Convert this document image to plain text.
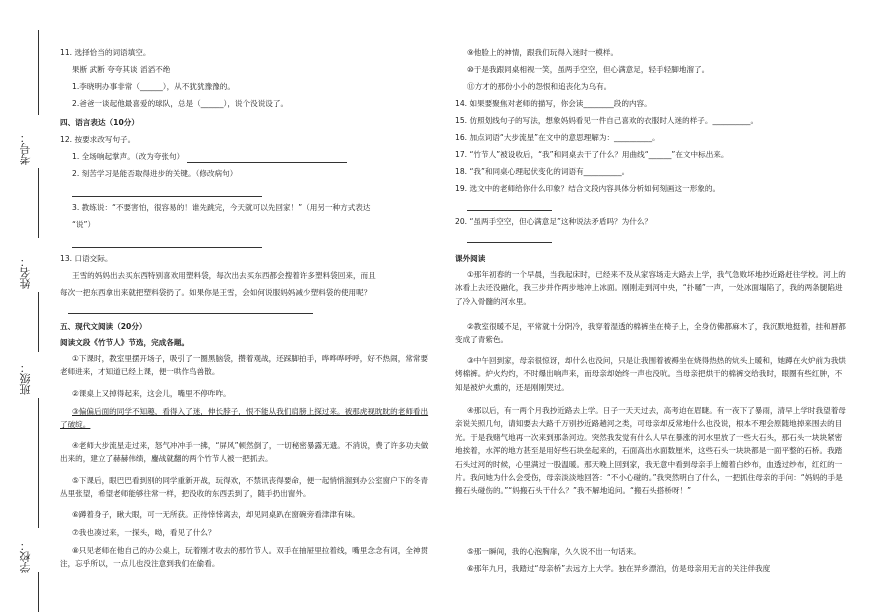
考号：
姓名：
班级：
学校：
11. 选择恰当的词语填空。
果断 武断 夸夸其谈 滔滔不绝
1.李晓明办事非常（______），从不犹犹豫豫的。
2.爸爸一谈起他最喜爱的球队，总是（______），说个没说设了。
四、语言表达（10分）
12. 按要求改写句子。
1. 全场响起掌声。（改为夸张句）
2. 刻苦学习是能否取得进步的关键。（修改病句）
3. 教练说：“不要害怕，很容易的！谁先跳完，今天就可以先回家！”（用另一种方式表达
“说”）
13. 口语交际。
王雪的妈妈出去买东西特别喜欢用塑料袋，每次出去买东西都会搜着许多塑料袋回来，而且
每次一把东西拿出来就把塑料袋扔了。如果你是王雪，会如何说服妈妈减少塑料袋的使用呢？
五、现代文阅读（20分）
阅读文段《竹节人》节选，完成各题。
①下课时，教室里摆开场子，吸引了一圈黑脑袋，攒着观战，还踩脚拍手，哗哗哗呼呼，好不热闹，常常要老师进来，才知道已经上课，便一哄作鸟兽散。
②课桌上又掉得起来，这会儿，嘴里不停咋咋。
③偏偏后面的同学不知趣，看得入了迷，伸长脖子，恨不能从我们肩膀上探过来。被那虎视眈眈的老师看出了破绽。
④老师大步流星走过来，怒气冲冲手一拂，“屏风”顿然倒了，一切秘密暴露无遗。不消说，费了许多功夫做出来的，建立了赫赫伟绩，鏖战就翻的两个竹节人被一把抓去。
⑤下课后，眼巴巴看到别的同学重新开战，玩得欢，不禁讯丧得要命，便一起悄悄溜到办公室窗户下的冬青丛里张望，希望老师能够往常一样，把没收的东西丢到了，随手扔出窗外。
⑥蹲着身子，瞅大眼，可一无所获。正待悻悻离去，却见同桌趴在窗碗旁看津津有味。
⑦我也凑过来，一探头，呦，看见了什么？
⑧只见老师在他自己的办公桌上，玩着刚才收去的那竹节人。双手在抽屉里拉着线，嘴里念念有词，全神贯注，忘乎所以，一点儿也没注意到我们在偷看。
⑨他脸上的神情，跟我们玩得入迷时一模样。
⑩于是我跟同桌相视一笑，虽两手空空，但心满意足，轻手轻脚地溜了。
⑪方才的那份小小的怨恨和追丧化为乌有。
14. 如果要聚焦对老师的描写，你会读________段的内容。
15. 仿照划线句子的写法，想象妈妈看见一件自己喜欢的衣服时人迷的样子。__________。
16. 加点词语“大步流星”在文中的意思理解为：__________。
17. “竹节人”被设收后，“我”和同桌去干了什么？用曲线“______”在文中标出来。
18. “我”和同桌心理起伏变化的词语有__________。
19. 选文中的老师给你什么印象？结合文段内容具体分析如何刻画这一形象的。
20. “虽两手空空，但心满意足”这种说法矛盾吗？为什么？
课外阅读
①那年初春的一个早晨，当我起床时，已经来不及从家容场走大路去上学，我气急败坏地抄近路赶往学校。河上的冰看上去还没融化，我三步并作两步地冲上冰面。刚刚走到河中央，“扑嗵”一声，一处冰面塌陷了，我的两条腿陷进了冷入骨髓的河水里。
②教室很暖不足，平常就十分阴冷，我穿着湿透的棉裤坐在椅子上，全身仿佛都麻木了，我沉默地挺着，挂和唇都变成了青紫色。
③中午回到家，母亲很惊讶，却什么也没问，只是让我围着被褥坐在烧得热热的炕头上暖和，她蹲在火炉前为我烘烤棉裤。炉火灼灼，不时爆出响声来，而母亲却始终一声也没吭。当母亲把烘干的棉裤交给我时，眼圈有些红肿，不知是被炉火熏的，还是刚刚哭过。
④那以后，有一两个月我抄近路去上学。日子一天天过去，高考迫在眉睫。有一夜下了暴雨，清早上学时我望着母亲说关照几句，请知要去大路千万别抄近路趟河之类，可母亲却反常地什么也没说，根本不理会原随地掉来围去的目光。于是我赌气地再一次来到那条河边。突然我发觉有什么人早在暴涨的河水里放了一些大石头，那石头一块块紧密地挨着，水浑的地方甚至是用好些石块垒起来的，石面高出水面数厘米，这些石头一块块都是一面平整的石桥。我踏石头过河的时候，心里满过一股温暖。那天晚上回到家，我无意中看到母亲手上缠着白纱布，血透过纱布，红红的一片。我问她为什么会受伤，母亲淡淡地回答：“不小心碰的。”我突然明白了什么，一把抓住母亲的手问：“妈妈的手是搬石头碰伤的。”“妈搬石头干什么？”我不解地追问。“搬石头搭桥呀！”
⑤那一瞬间，我的心泡胸扉，久久说不出一句话来。
⑥那年九月，我踏过“母亲桥”去远方上大学。独在异乡漂泊，仿是母亲用无言的关注伴我度
